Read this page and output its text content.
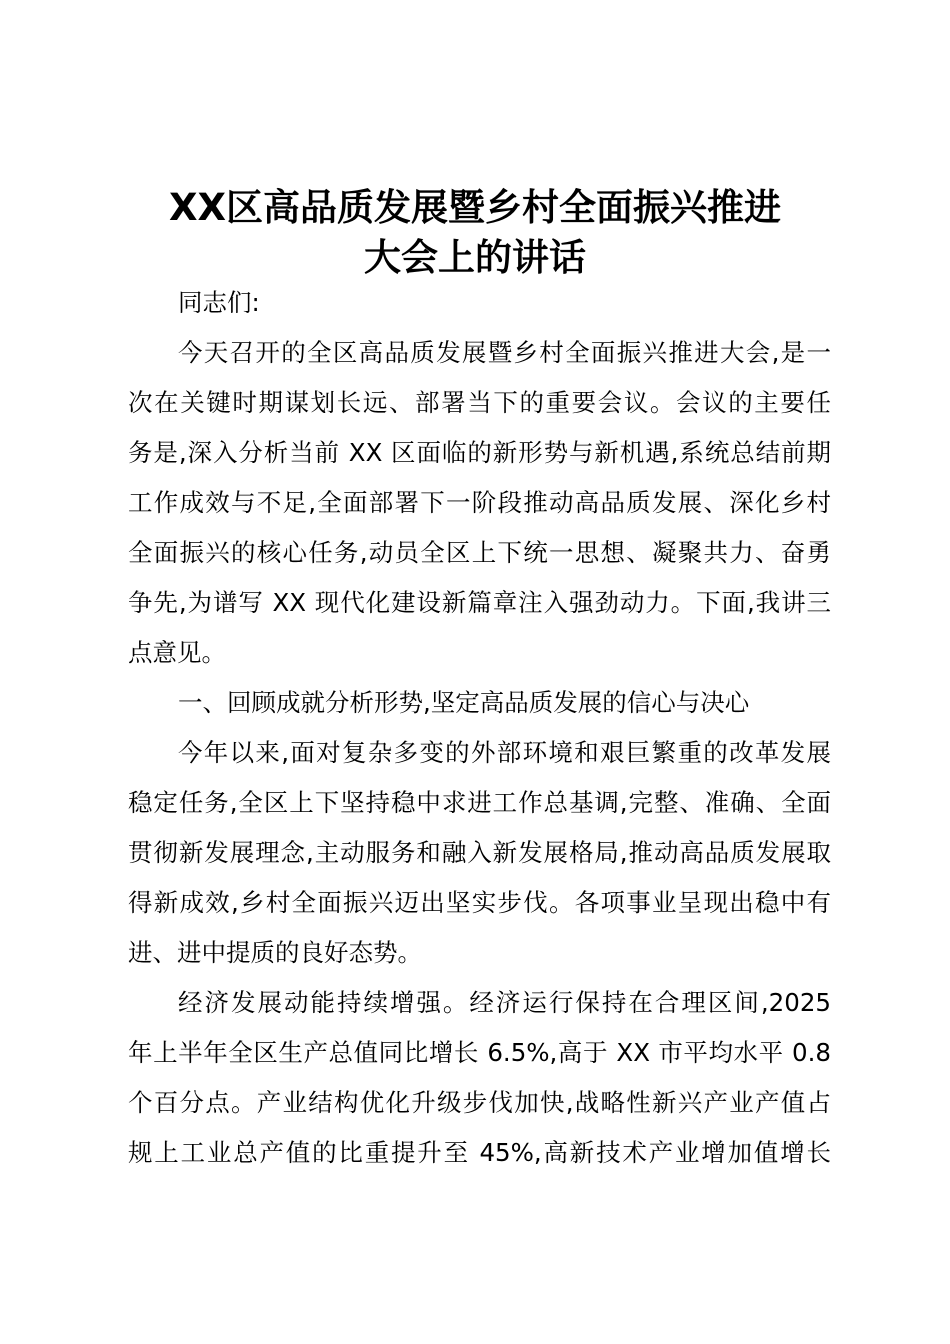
XX区高品质发展暨乡村全面振兴推进
大会上的讲话
同志们:
今天召开的全区高品质发展暨乡村全面振兴推进大会,是一
次在关键时期谋划长远、部署当下的重要会议。会议的主要任
务是,深入分析当前 XX 区面临的新形势与新机遇,系统总结前期
工作成效与不足,全面部署下一阶段推动高品质发展、深化乡村
全面振兴的核心任务,动员全区上下统一思想、凝聚共力、奋勇
争先,为谱写 XX 现代化建设新篇章注入强劲动力。下面,我讲三
点意见。
一、回顾成就分析形势,坚定高品质发展的信心与决心
今年以来,面对复杂多变的外部环境和艰巨繁重的改革发展
稳定任务,全区上下坚持稳中求进工作总基调,完整、准确、全面
贯彻新发展理念,主动服务和融入新发展格局,推动高品质发展取
得新成效,乡村全面振兴迈出坚实步伐。各项事业呈现出稳中有
进、进中提质的良好态势。
经济发展动能持续增强。经济运行保持在合理区间,2025
年上半年全区生产总值同比增长 6.5%,高于 XX 市平均水平 0.8
个百分点。产业结构优化升级步伐加快,战略性新兴产业产值占
规上工业总产值的比重提升至 45%,高新技术产业增加值增长
